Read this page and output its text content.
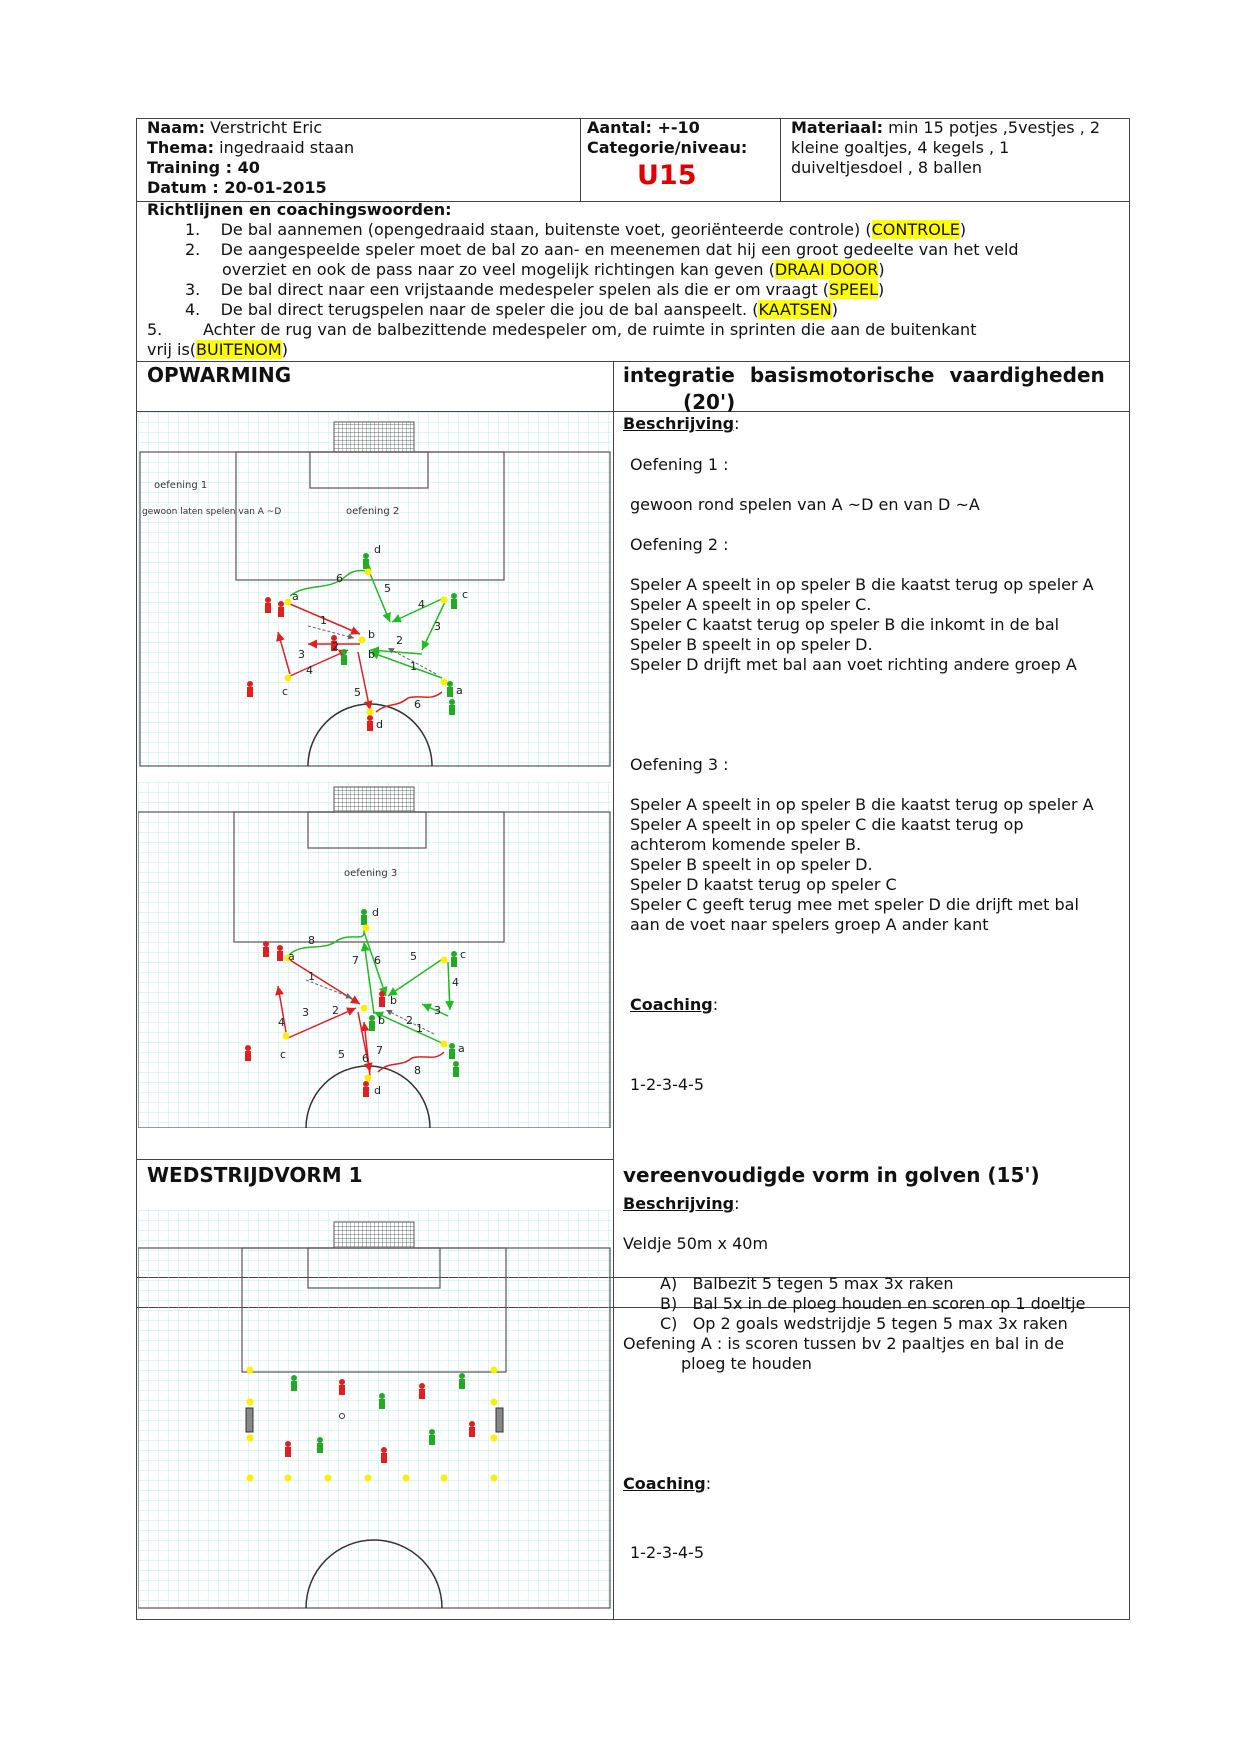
Naam: Verstricht Eric
Thema: ingedraaid staan
Training : 40
Datum : 20-01-2015
Aantal: +-10
Categorie/niveau:
U15
Materiaal: min 15 potjes ,5vestjes , 2
kleine goaltjes, 4 kegels , 1
duiveltjesdoel , 8 ballen
Richtlijnen en coachingswoorden:
1. De bal aannemen (opengedraaid staan, buitenste voet, georiënteerde controle) (CONTROLE)
2. De aangespeelde speler moet de bal zo aan- en meenemen dat hij een groot gedeelte van het veld
overziet en ook de pass naar zo veel mogelijk richtingen kan geven (DRAAI DOOR)
3. De bal direct naar een vrijstaande medespeler spelen als die er om vraagt (SPEEL)
4. De bal direct terugspelen naar de speler die jou de bal aanspeelt. (KAATSEN)
5.	Achter de rug van de balbezittende medespeler om, de ruimte in sprinten die aan de buitenkant
vrij is(BUITENOM)
OPWARMING	integratie basismotorische vaardigheden
(20')
Beschrijving:
Oefening 1 :
gewoon rond spelen van A ~D en van D ~A
Oefening 2 :
Speler A speelt in op speler B die kaatst terug op speler A
Speler A speelt in op speler C.
Speler C kaatst terug op speler B die inkomt in de bal
Speler B speelt in op speler D.
Speler D drijft met bal aan voet richting andere groep A
Oefening 3 :
Speler A speelt in op speler B die kaatst terug op speler A
Speler A speelt in op speler C die kaatst terug op
achterom komende speler B.
Speler B speelt in op speler D.
Speler D kaatst terug op speler C
Speler C geeft terug mee met speler D die drijft met bal
aan de voet naar spelers groep A ander kant
Coaching:
1-2-3-4-5
oefening 1
gewoon laten spelen van A ~D	oefening 2
d
a	c
b
b
c	a
d
6
5
4
3
2
1
1
2
3
4
5
6
oefening 3
d
a	c
b
b
c	a
d
8
7 6	5
4
3
2
1
1
2
3
4
5 6
7
8
WEDSTRIJDVORM 1	vereenvoudigde vorm in golven (15')
Beschrijving:
Veldje 50m x 40m
A) Balbezit 5 tegen 5 max 3x raken
B) Bal 5x in de ploeg houden en scoren op 1 doeltje
C) Op 2 goals wedstrijdje 5 tegen 5 max 3x raken
Oefening A : is scoren tussen bv 2 paaltjes en bal in de
ploeg te houden
Coaching:
1-2-3-4-5
